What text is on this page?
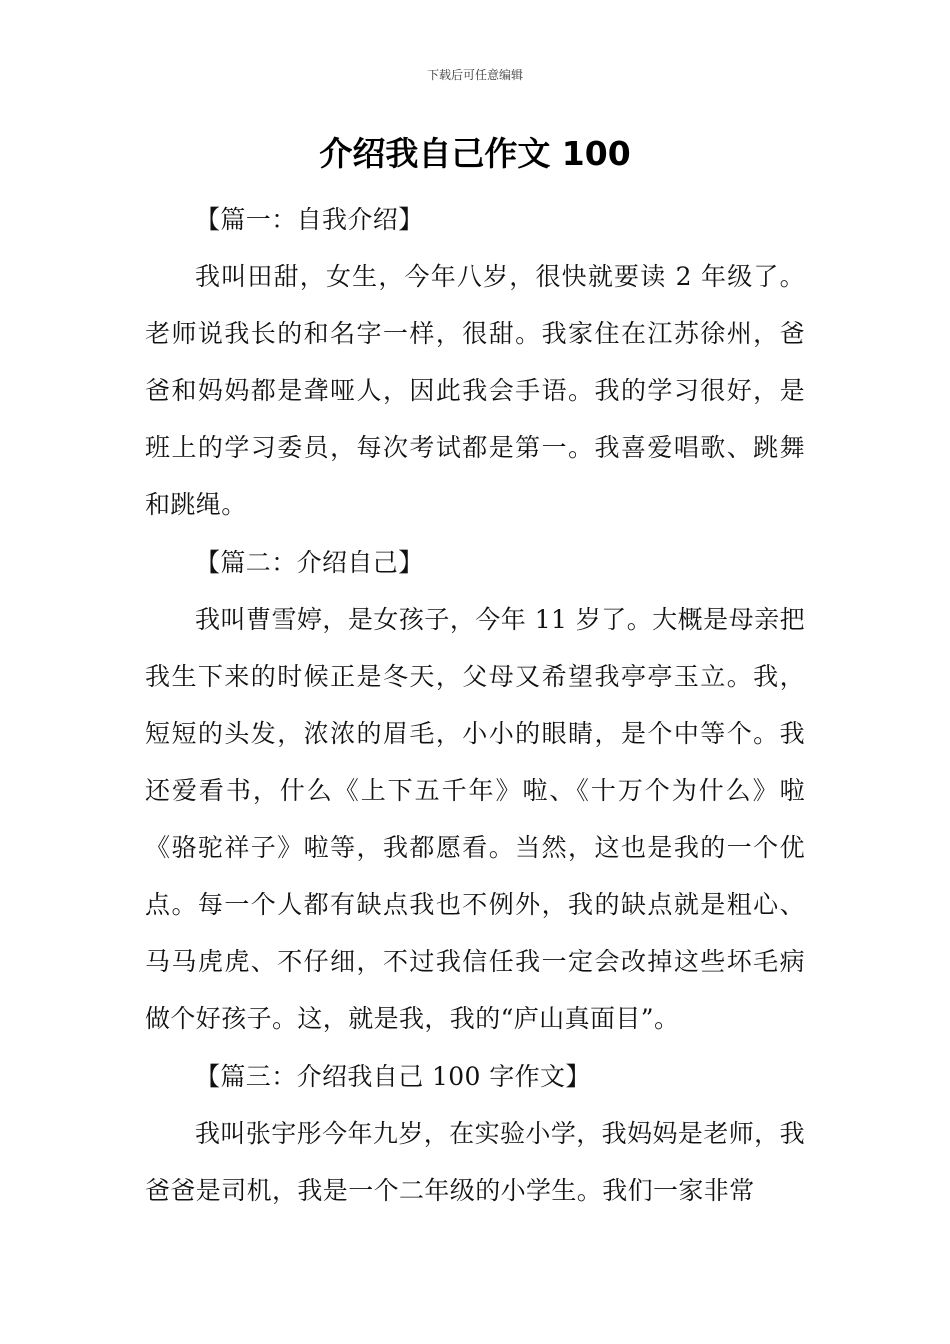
下载后可任意编辑
介绍我自己作文 100

【篇一：自我介绍】

我叫田甜，女生，今年八岁，很快就要读 2 年级了。老师说我长的和名字一样，很甜。我家住在江苏徐州，爸爸和妈妈都是聋哑人，因此我会手语。我的学习很好，是班上的学习委员，每次考试都是第一。我喜爱唱歌、跳舞和跳绳。

【篇二：介绍自己】

我叫曹雪婷，是女孩子，今年 11 岁了。大概是母亲把我生下来的时候正是冬天，父母又希望我亭亭玉立。我，短短的头发，浓浓的眉毛，小小的眼睛，是个中等个。我还爱看书，什么《上下五千年》啦、《十万个为什么》啦《骆驼祥子》啦等，我都愿看。当然，这也是我的一个优点。每一个人都有缺点我也不例外，我的缺点就是粗心、马马虎虎、不仔细，不过我信任我一定会改掉这些坏毛病做个好孩子。这，就是我，我的“庐山真面目”。

【篇三：介绍我自己 100 字作文】

我叫张宇彤今年九岁，在实验小学，我妈妈是老师，我爸爸是司机，我是一个二年级的小学生。我们一家非常
